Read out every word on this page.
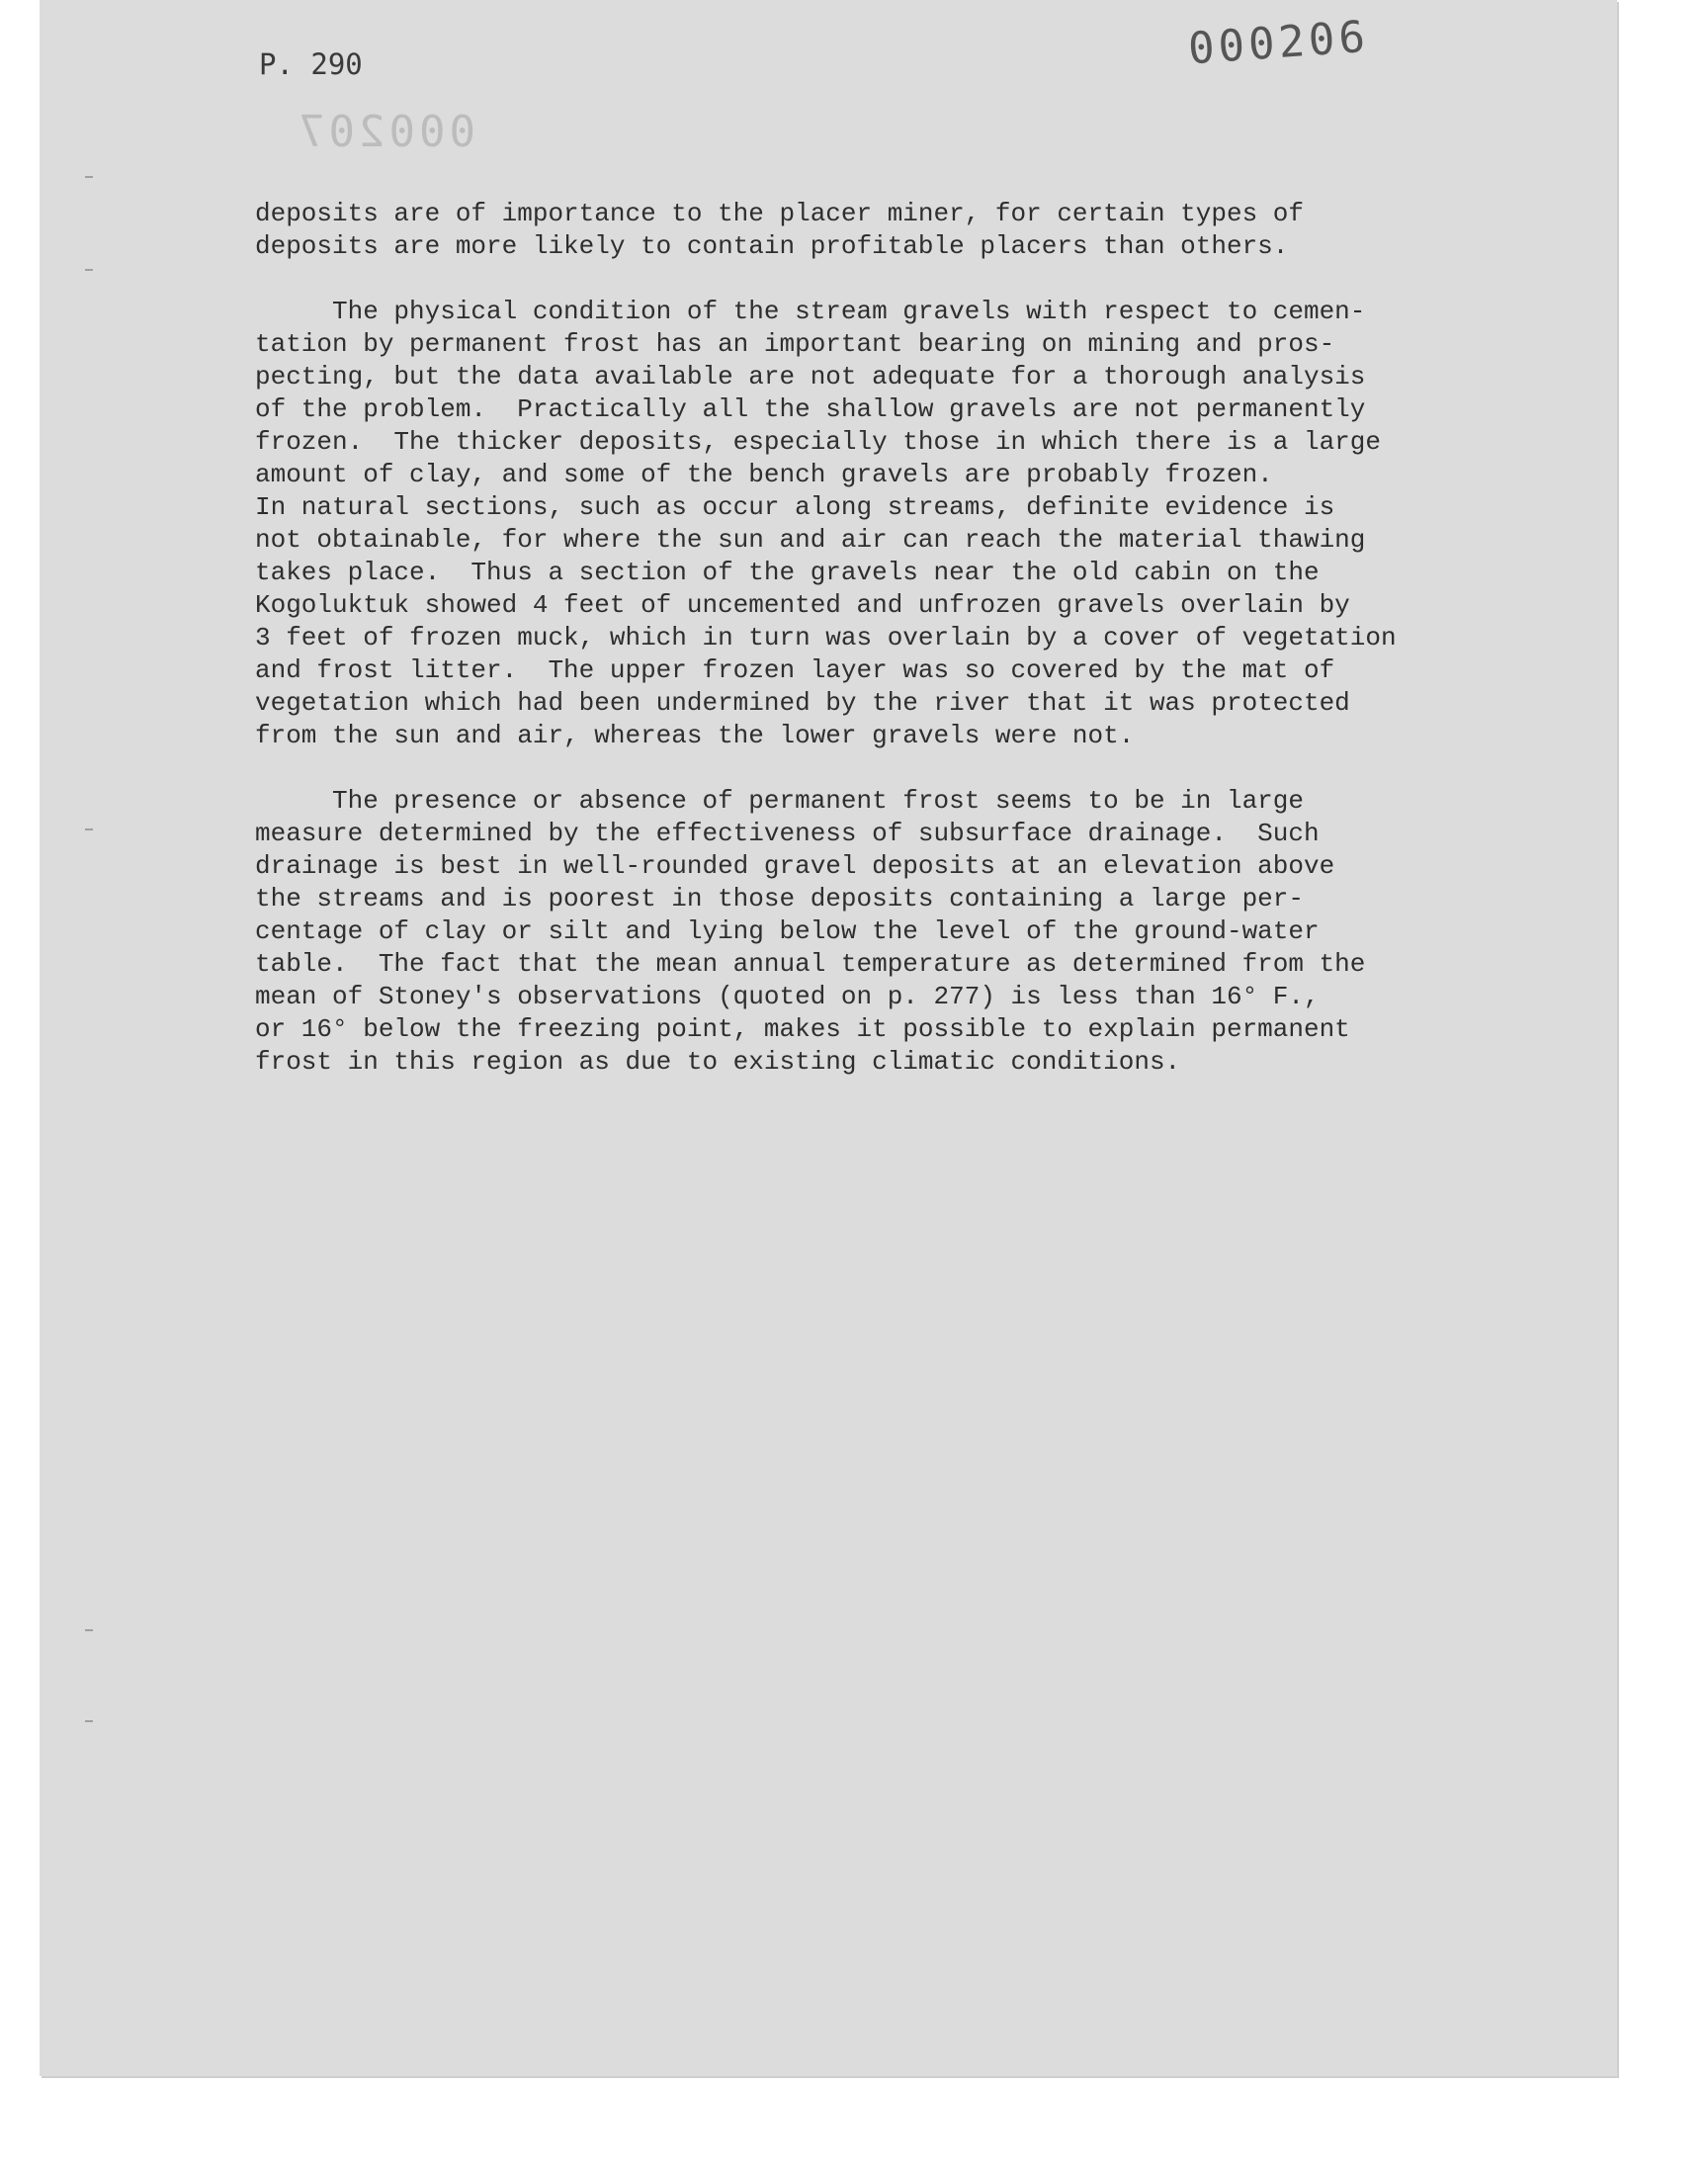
P. 290	000206
000207
deposits are of importance to the placer miner, for certain types of
deposits are more likely to contain profitable placers than others.
The physical condition of the stream gravels with respect to cemen-
tation by permanent frost has an important bearing on mining and pros-
pecting, but the data available are not adequate for a thorough analysis
of the problem.  Practically all the shallow gravels are not permanently
frozen.  The thicker deposits, especially those in which there is a large
amount of clay, and some of the bench gravels are probably frozen.
In natural sections, such as occur along streams, definite evidence is
not obtainable, for where the sun and air can reach the material thawing
takes place.  Thus a section of the gravels near the old cabin on the
Kogoluktuk showed 4 feet of uncemented and unfrozen gravels overlain by
3 feet of frozen muck, which in turn was overlain by a cover of vegetation
and frost litter.  The upper frozen layer was so covered by the mat of
vegetation which had been undermined by the river that it was protected
from the sun and air, whereas the lower gravels were not.
The presence or absence of permanent frost seems to be in large
measure determined by the effectiveness of subsurface drainage.  Such
drainage is best in well-rounded gravel deposits at an elevation above
the streams and is poorest in those deposits containing a large per-
centage of clay or silt and lying below the level of the ground-water
table.  The fact that the mean annual temperature as determined from the
mean of Stoney's observations (quoted on p. 277) is less than 16° F.,
or 16° below the freezing point, makes it possible to explain permanent
frost in this region as due to existing climatic conditions.
